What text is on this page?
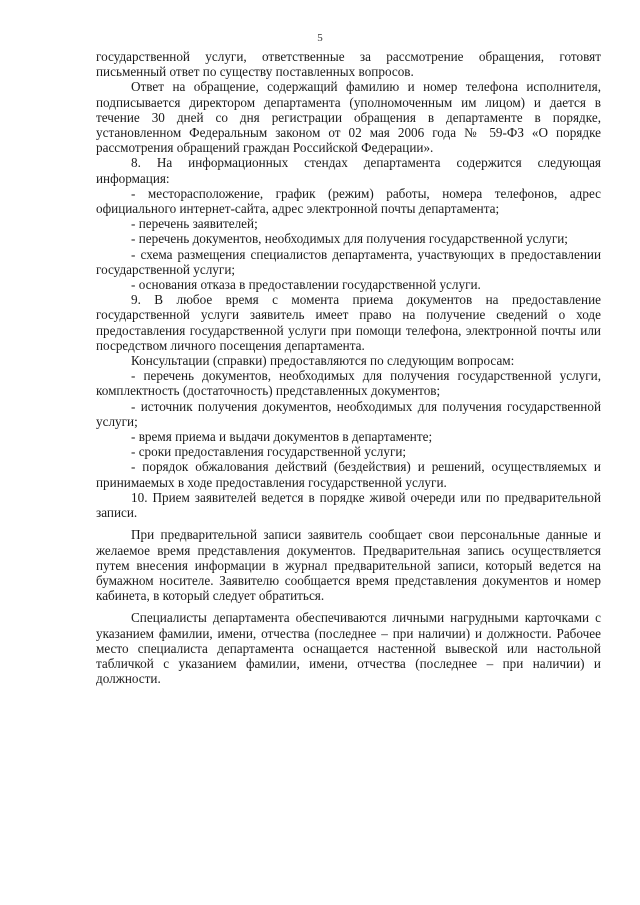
5

государственной услуги, ответственные за рассмотрение обращения, готовят письменный ответ по существу поставленных вопросов.

Ответ на обращение, содержащий фамилию и номер телефона исполнителя, подписывается директором департамента (уполномоченным им лицом) и дается в течение 30 дней со дня регистрации обращения в департаменте в порядке, установленном Федеральным законом от 02 мая 2006 года № 59-ФЗ «О порядке рассмотрения обращений граждан Российской Федерации».

8. На информационных стендах департамента содержится следующая информация:

- месторасположение, график (режим) работы, номера телефонов, адрес официального интернет-сайта, адрес электронной почты департамента;

- перечень заявителей;

- перечень документов, необходимых для получения государственной услуги;

- схема размещения специалистов департамента, участвующих в предоставлении государственной услуги;

- основания отказа в предоставлении государственной услуги.

9. В любое время с момента приема документов на предоставление государственной услуги заявитель имеет право на получение сведений о ходе предоставления государственной услуги при помощи телефона, электронной почты или посредством личного посещения департамента.

Консультации (справки) предоставляются по следующим вопросам:

- перечень документов, необходимых для получения государственной услуги, комплектность (достаточность) представленных документов;

- источник получения документов, необходимых для получения государственной услуги;

- время приема и выдачи документов в департаменте;

- сроки предоставления государственной услуги;

- порядок обжалования действий (бездействия) и решений, осуществляемых и принимаемых в ходе предоставления государственной услуги.

10. Прием заявителей ведется в порядке живой очереди или по предварительной записи.

При предварительной записи заявитель сообщает свои персональные данные и желаемое время представления документов. Предварительная запись осуществляется путем внесения информации в журнал предварительной записи, который ведется на бумажном носителе. Заявителю сообщается время представления документов и номер кабинета, в который следует обратиться.

Специалисты департамента обеспечиваются личными нагрудными карточками с указанием фамилии, имени, отчества (последнее – при наличии) и должности. Рабочее место специалиста департамента оснащается настенной вывеской или настольной табличкой с указанием фамилии, имени, отчества (последнее – при наличии) и должности.
